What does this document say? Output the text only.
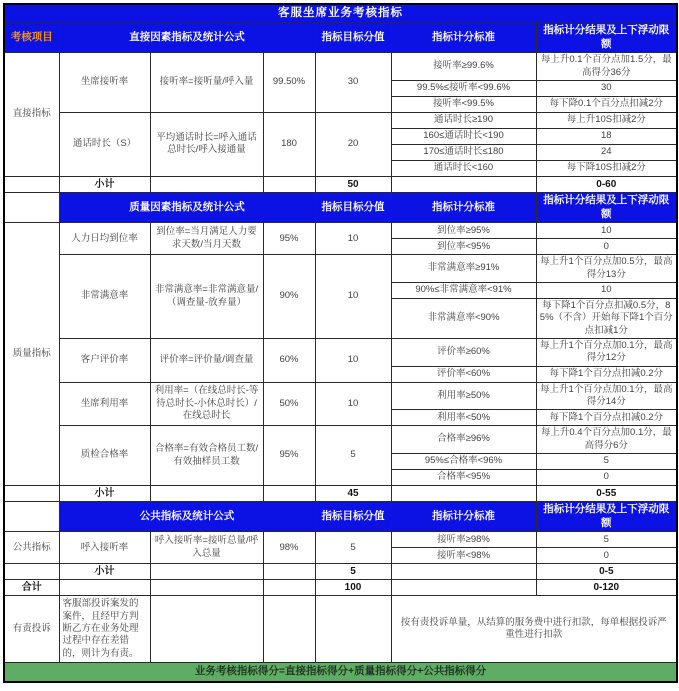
客服坐席业务考核指标						
考核项目	直接因素指标及统计公式			指标目标分值	指标计分标准	指标计分结果及上下浮动限额
直接指标	坐席接听率	接听率=接听量/呼入量	99.50%	30	接听率≥99.6%	每上升0.1个百分点加1.5分，最高得分36分
					99.5%≤接听率<99.6%	30
					接听率<99.5%	每下降0.1个百分点扣减2分
	通话时长（S）	平均通话时长=呼入通话总时长/呼入接通量	180	20	通话时长≥190	每上升10S扣减2分
					160≤通话时长<190	18
					170≤通话时长≤180	24
					通话时长<160	每下降10S扣减2分
	小计			50		0-60
	质量因素指标及统计公式			指标目标分值	指标计分标准	指标计分结果及上下浮动限额
质量指标	人力日均到位率	到位率=当月满足人力要求天数/当月天数	95%	10	到位率≥95%	10
					到位率<95%	0
	非常满意率	非常满意率=非常满意量/（调查量-放弃量）	90%	10	非常满意率≥91%	每上升1个百分点加0.5分，最高得分13分
					90%≤非常满意率<91%	10
					非常满意率<90%	每下降1个百分点扣减0.5分，85%（不含）开始每下降1个百分点扣减1分
	客户评价率	评价率=评价量/调查量	60%	10	评价率≥60%	每上升1个百分点加0.1分，最高得分12分
					评价率<60%	每下降1个百分点扣减0.2分
	坐席利用率	利用率=（在线总时长-等待总时长-小休总时长）/在线总时长	50%	10	利用率≥50%	每上升1个百分点加0.1分，最高得分14分
					利用率<50%	每下降1个百分点扣减0.2分
	质检合格率	合格率=有效合格员工数/有效抽样员工数	95%	5	合格率≥96%	每上升0.4个百分点加0.1分，最高得分6分
					95%≤合格率<96%	5
					合格率<95%	0
	小计			45		0-55
	公共指标及统计公式			指标目标分值	指标计分标准	指标计分结果及上下浮动限额
公共指标	呼入接听率	呼入接听率=接听总量/呼入总量	98%	5	接听率≥98%	5
					接听率<98%	0
	小计			5		0-5
合计				100		0-120
有责投诉	客服部投诉案发的案件，且经甲方判断乙方在业务处理过程中存在差错的，则计为有责。				按有责投诉单量，从结算的服务费中进行扣款，每单根据投诉严重性进行扣款	
业务考核指标得分=直接指标得分+质量指标得分+公共指标得分						
